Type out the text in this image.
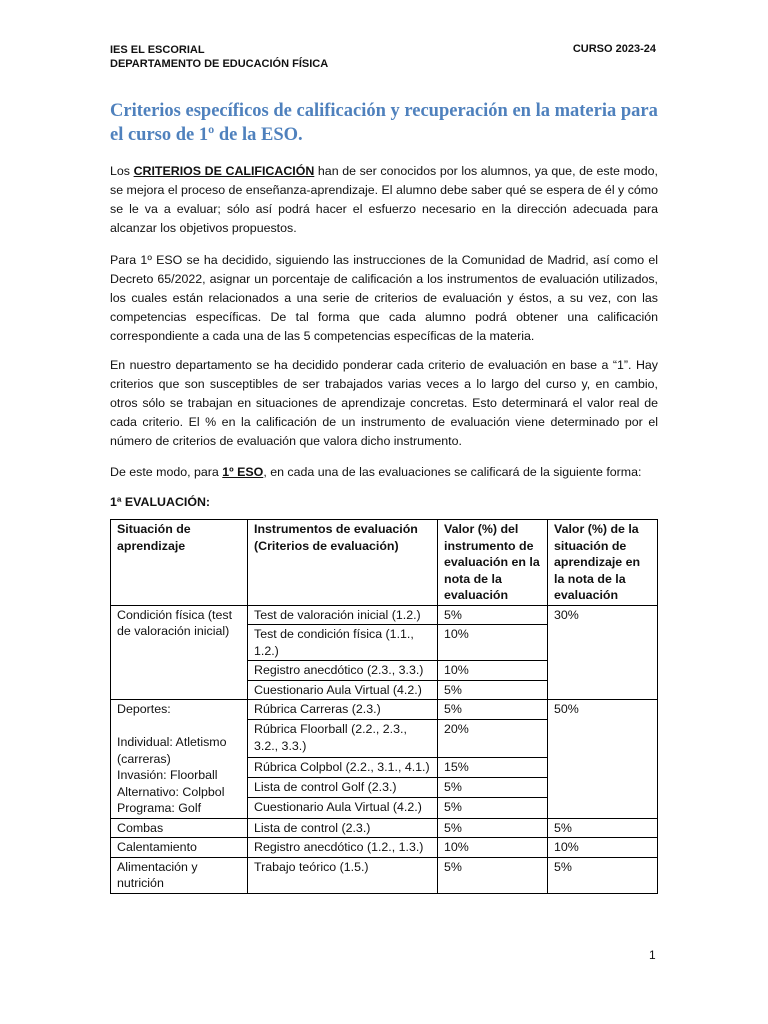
IES EL ESCORIAL
DEPARTAMENTO DE EDUCACIÓN FÍSICA
CURSO 2023-24
Criterios específicos de calificación y recuperación en la materia para el curso de 1º de la ESO.

Los CRITERIOS DE CALIFICACIÓN han de ser conocidos por los alumnos, ya que, de este modo, se mejora el proceso de enseñanza-aprendizaje. El alumno debe saber qué se espera de él y cómo se le va a evaluar; sólo así podrá hacer el esfuerzo necesario en la dirección adecuada para alcanzar los objetivos propuestos.

Para 1º ESO se ha decidido, siguiendo las instrucciones de la Comunidad de Madrid, así como el Decreto 65/2022, asignar un porcentaje de calificación a los instrumentos de evaluación utilizados, los cuales están relacionados a una serie de criterios de evaluación y éstos, a su vez, con las competencias específicas. De tal forma que cada alumno podrá obtener una calificación correspondiente a cada una de las 5 competencias específicas de la materia.

En nuestro departamento se ha decidido ponderar cada criterio de evaluación en base a “1”. Hay criterios que son susceptibles de ser trabajados varias veces a lo largo del curso y, en cambio, otros sólo se trabajan en situaciones de aprendizaje concretas. Esto determinará el valor real de cada criterio. El % en la calificación de un instrumento de evaluación viene determinado por el número de criterios de evaluación que valora dicho instrumento.

De este modo, para 1º ESO, en cada una de las evaluaciones se calificará de la siguiente forma:

1ª EVALUACIÓN:
Situación de aprendizaje	Instrumentos de evaluación (Criterios de evaluación)	Valor (%) del instrumento de evaluación en la nota de la evaluación	Valor (%) de la situación de aprendizaje en la nota de la evaluación
Condición física (test de valoración inicial)	Test de valoración inicial (1.2.)	5%	30%
	Test de condición física (1.1., 1.2.)	10%	
	Registro anecdótico (2.3., 3.3.)	10%	
	Cuestionario Aula Virtual (4.2.)	5%	

Deportes:
Individual: Atletismo (carreras)
Invasión: Floorball
Alternativo: Colpbol
Programa: Golf	Rúbrica Carreras (2.3.)	5%	50%
	Rúbrica Floorball (2.2., 2.3., 3.2., 3.3.)	20%	
	Rúbrica Colpbol (2.2., 3.1., 4.1.)	15%	
	Lista de control Golf (2.3.)	5%	
	Cuestionario Aula Virtual (4.2.)	5%	
Combas	Lista de control (2.3.)	5%	5%
Calentamiento	Registro anecdótico (1.2., 1.3.)	10%	10%
Alimentación y nutrición	Trabajo teórico (1.5.)	5%	5%
1
